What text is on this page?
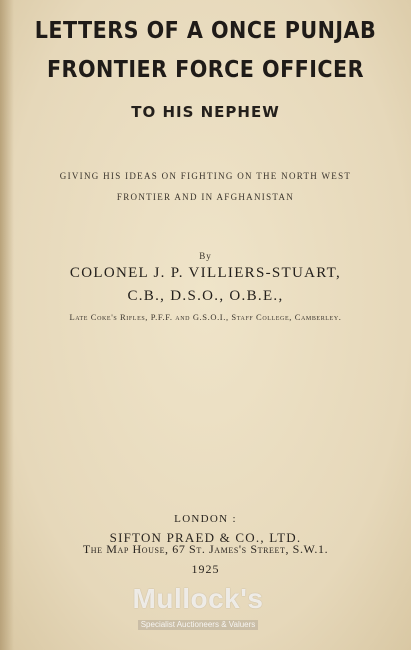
LETTERS OF A ONCE PUNJAB
FRONTIER FORCE OFFICER
TO HIS NEPHEW
GIVING HIS IDEAS ON FIGHTING ON THE NORTH WEST
FRONTIER AND IN AFGHANISTAN
By
COLONEL J. P. VILLIERS-STUART,
C.B., D.S.O., O.B.E.,
Late Coke's Rifles, P.F.F. and G.S.O.I., Staff College, Camberley.
LONDON :
SIFTON PRAED & CO., LTD.
The Map House, 67 St. James's Street, S.W.1.
1925
Mullock's
Specialist Auctioneers & Valuers
